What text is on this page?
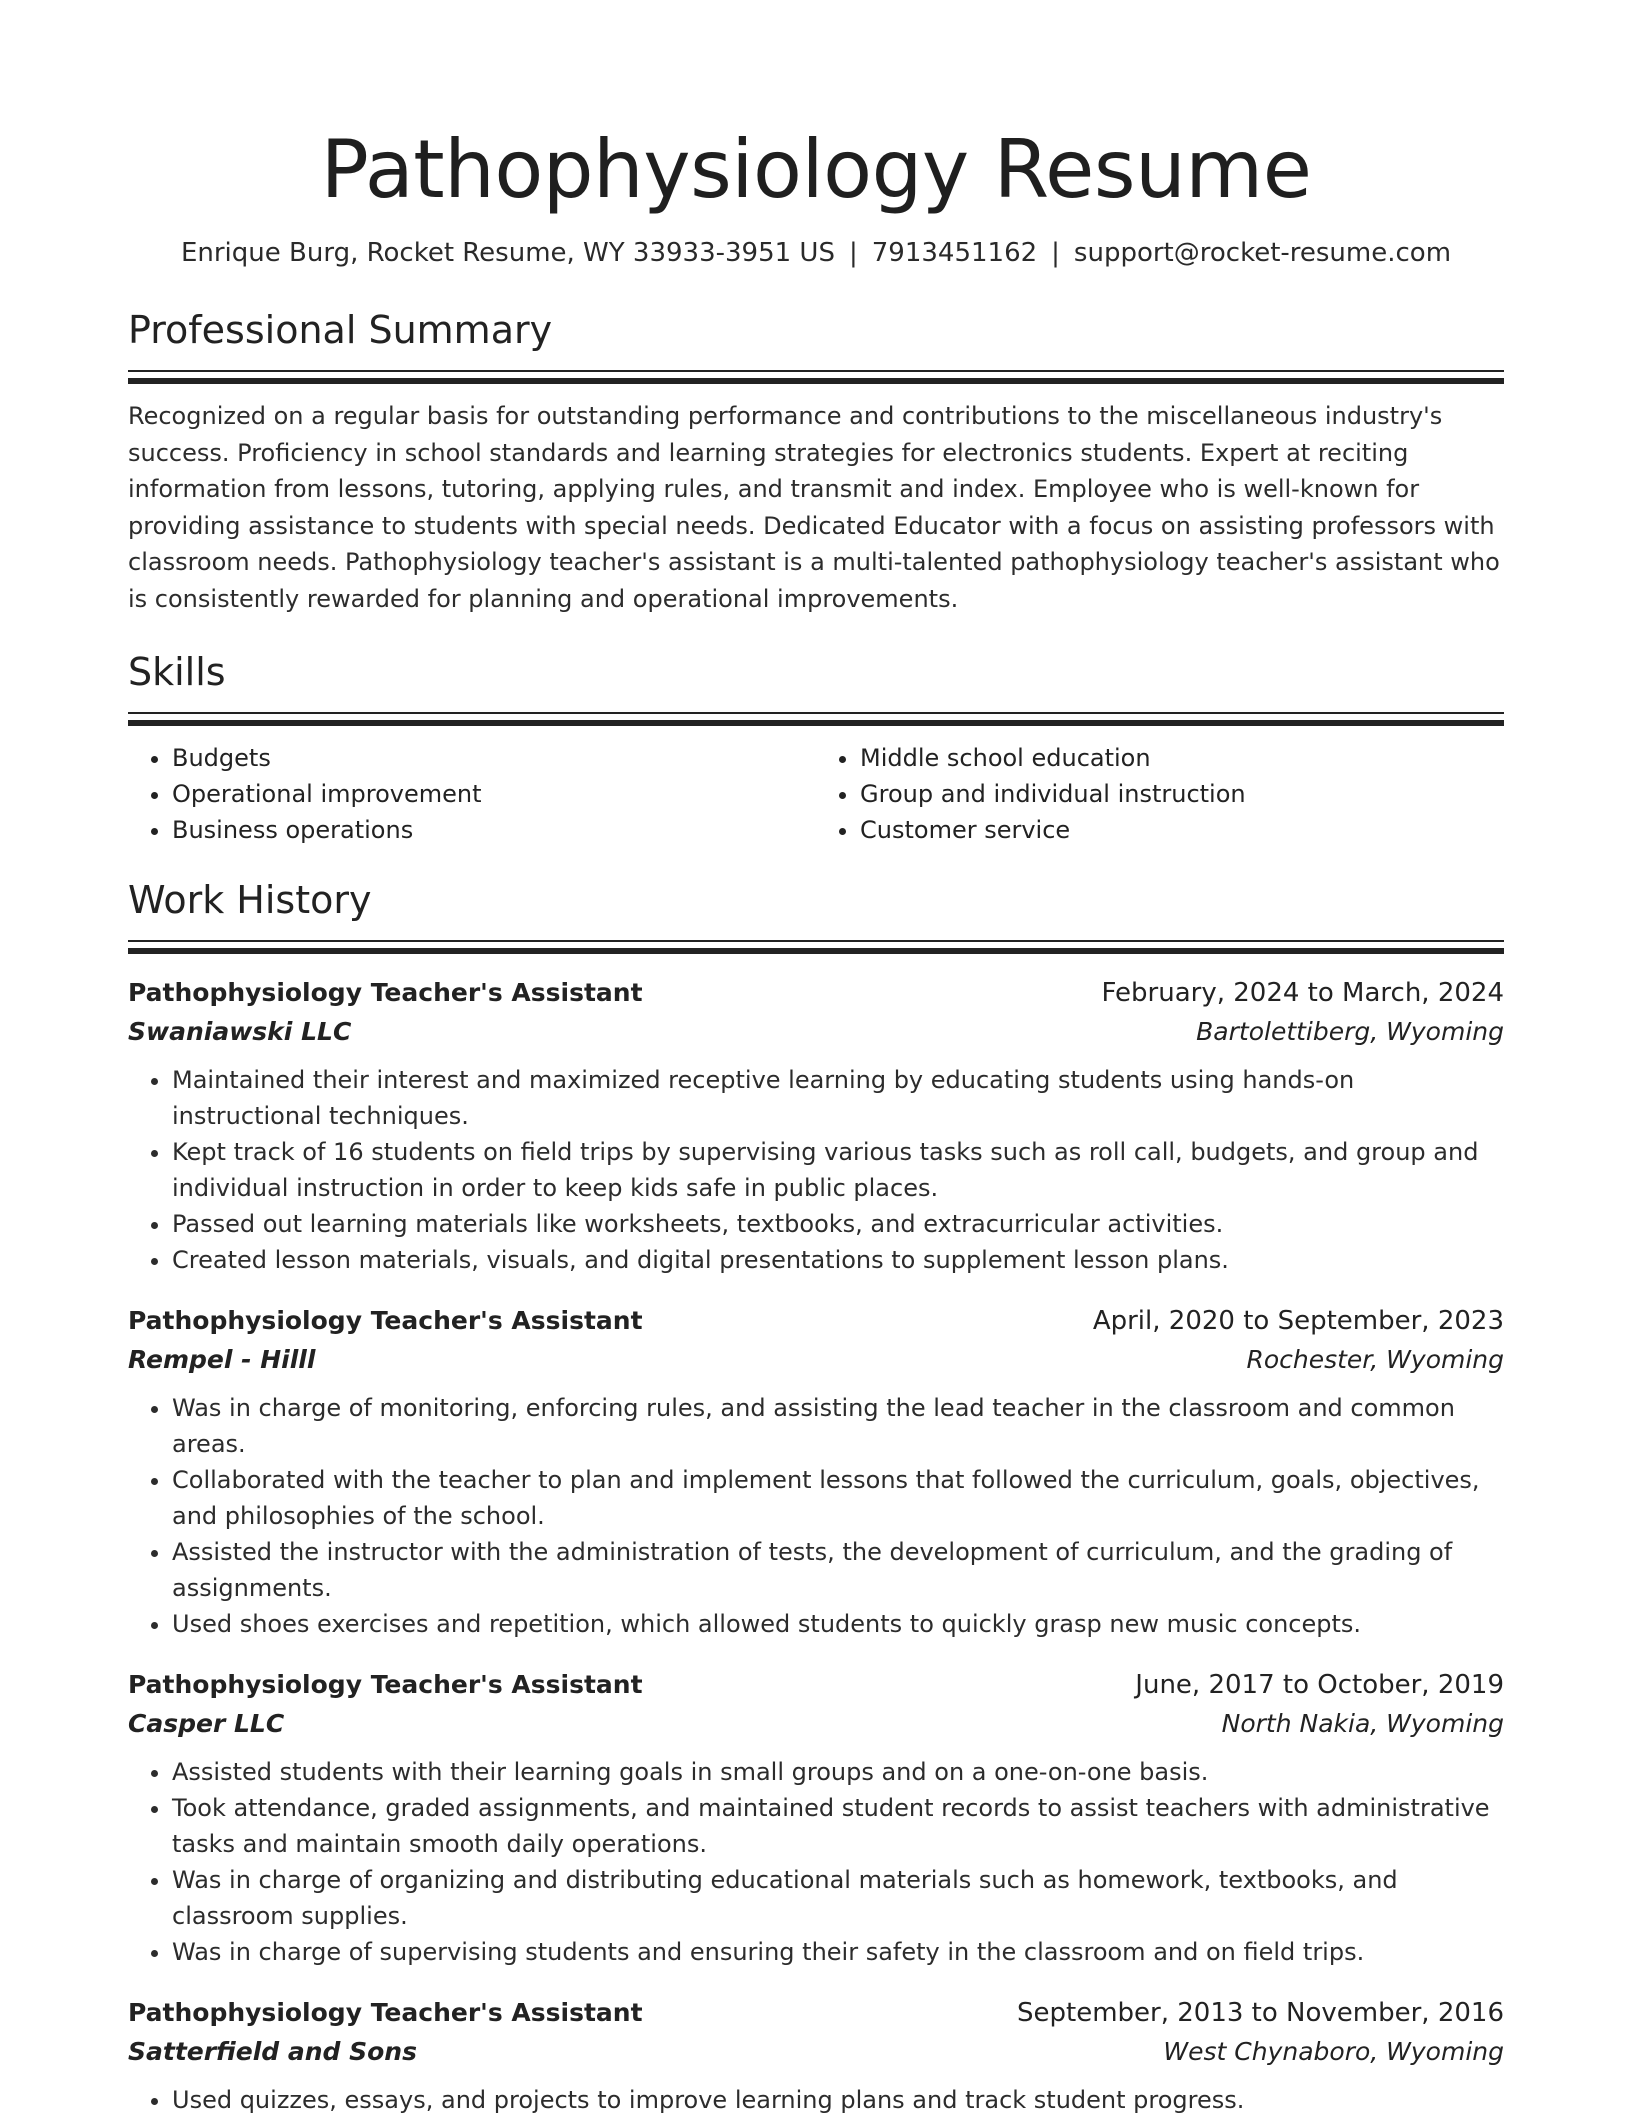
Pathophysiology Resume
Enrique Burg, Rocket Resume, WY 33933-3951 US | 7913451162 | support@rocket-resume.com
Professional Summary
Recognized on a regular basis for outstanding performance and contributions to the miscellaneous industry's success. Proficiency in school standards and learning strategies for electronics students. Expert at reciting information from lessons, tutoring, applying rules, and transmit and index. Employee who is well-known for providing assistance to students with special needs. Dedicated Educator with a focus on assisting professors with classroom needs. Pathophysiology teacher's assistant is a multi-talented pathophysiology teacher's assistant who is consistently rewarded for planning and operational improvements.
Skills
• Budgets
• Operational improvement
• Business operations
• Middle school education
• Group and individual instruction
• Customer service
Work History
Pathophysiology Teacher's Assistant	February, 2024 to March, 2024
Swaniawski LLC	Bartolettiberg, Wyoming
• Maintained their interest and maximized receptive learning by educating students using hands-on instructional techniques.
• Kept track of 16 students on field trips by supervising various tasks such as roll call, budgets, and group and individual instruction in order to keep kids safe in public places.
• Passed out learning materials like worksheets, textbooks, and extracurricular activities.
• Created lesson materials, visuals, and digital presentations to supplement lesson plans.
Pathophysiology Teacher's Assistant	April, 2020 to September, 2023
Rempel - Hilll	Rochester, Wyoming
• Was in charge of monitoring, enforcing rules, and assisting the lead teacher in the classroom and common areas.
• Collaborated with the teacher to plan and implement lessons that followed the curriculum, goals, objectives, and philosophies of the school.
• Assisted the instructor with the administration of tests, the development of curriculum, and the grading of assignments.
• Used shoes exercises and repetition, which allowed students to quickly grasp new music concepts.
Pathophysiology Teacher's Assistant	June, 2017 to October, 2019
Casper LLC	North Nakia, Wyoming
• Assisted students with their learning goals in small groups and on a one-on-one basis.
• Took attendance, graded assignments, and maintained student records to assist teachers with administrative tasks and maintain smooth daily operations.
• Was in charge of organizing and distributing educational materials such as homework, textbooks, and classroom supplies.
• Was in charge of supervising students and ensuring their safety in the classroom and on field trips.
Pathophysiology Teacher's Assistant	September, 2013 to November, 2016
Satterfield and Sons	West Chynaboro, Wyoming
• Used quizzes, essays, and projects to improve learning plans and track student progress.
